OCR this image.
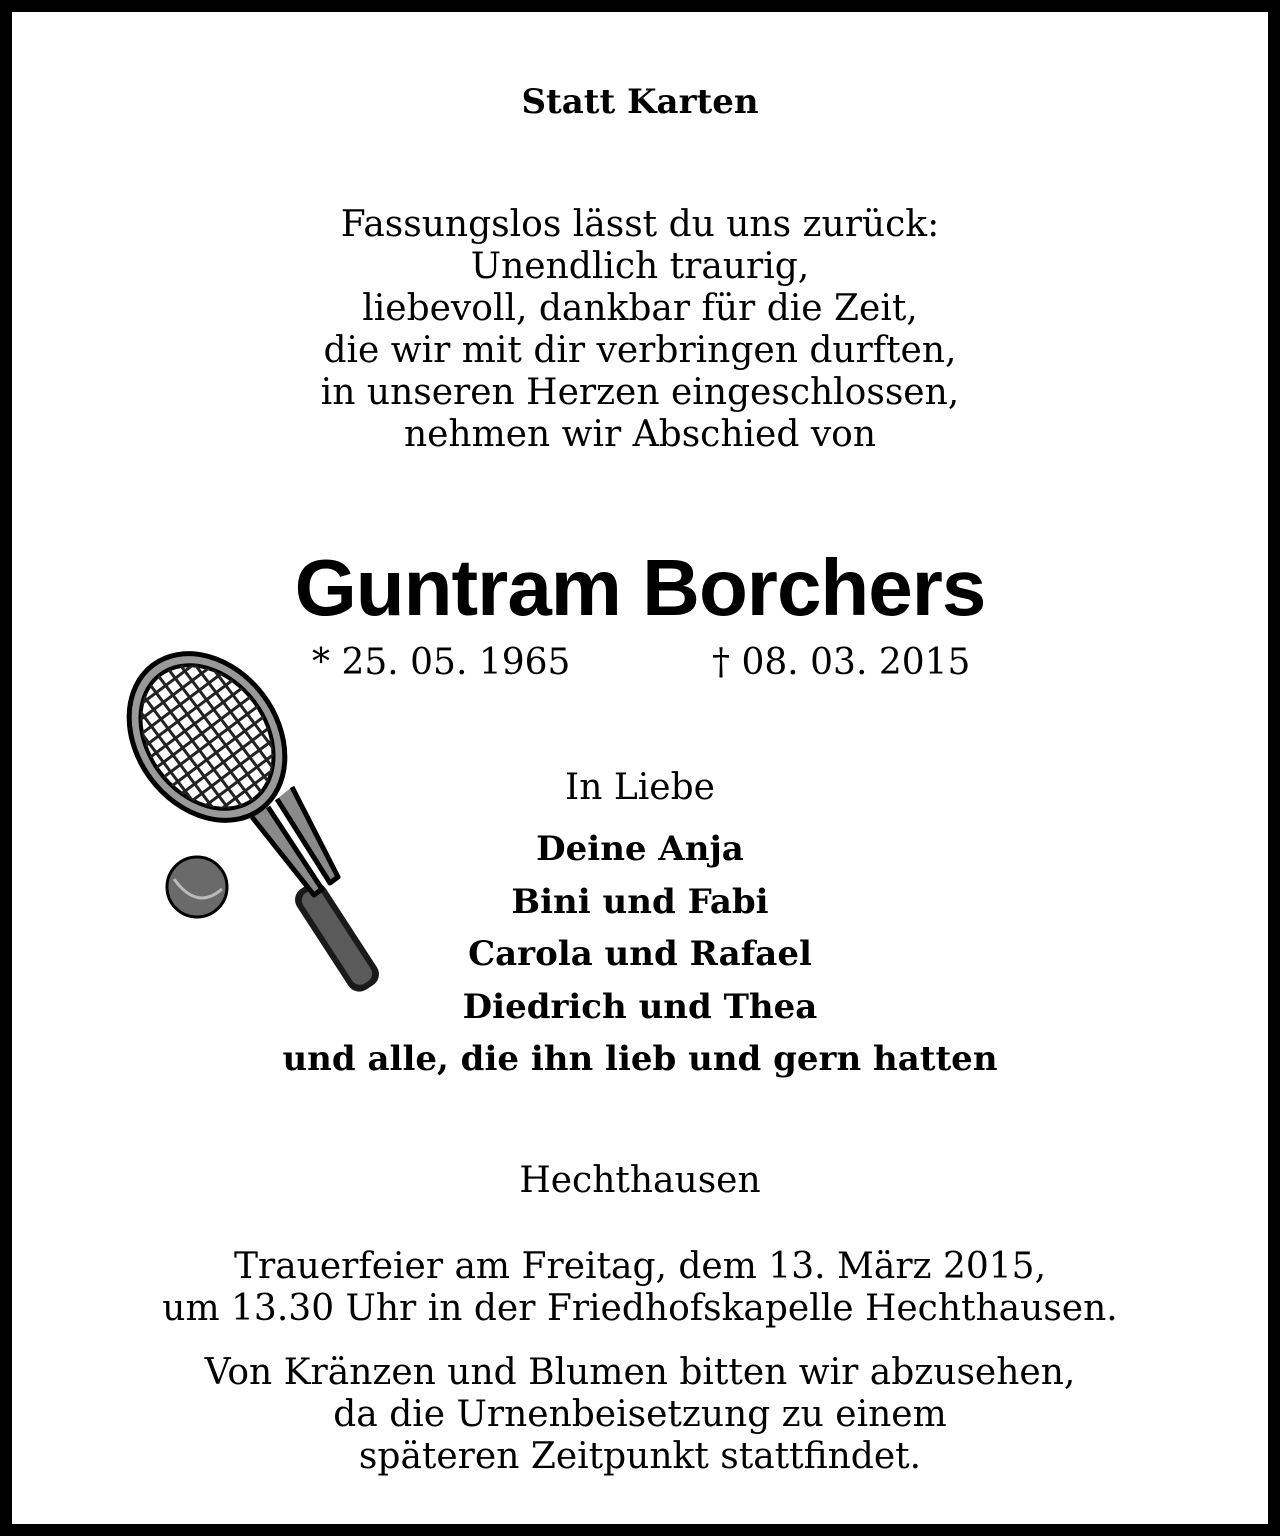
Statt Karten
Fassungslos lässt du uns zurück:
Unendlich traurig,
liebevoll, dankbar für die Zeit,
die wir mit dir verbringen durften,
in unseren Herzen eingeschlossen,
nehmen wir Abschied von
Guntram Borchers
* 25. 05. 1965	† 08. 03. 2015
In Liebe
Deine Anja
Bini und Fabi
Carola und Rafael
Diedrich und Thea
und alle, die ihn lieb und gern hatten
Hechthausen
Trauerfeier am Freitag, dem 13. März 2015,
um 13.30 Uhr in der Friedhofskapelle Hechthausen.
Von Kränzen und Blumen bitten wir abzusehen,
da die Urnenbeisetzung zu einem
späteren Zeitpunkt stattfindet.
